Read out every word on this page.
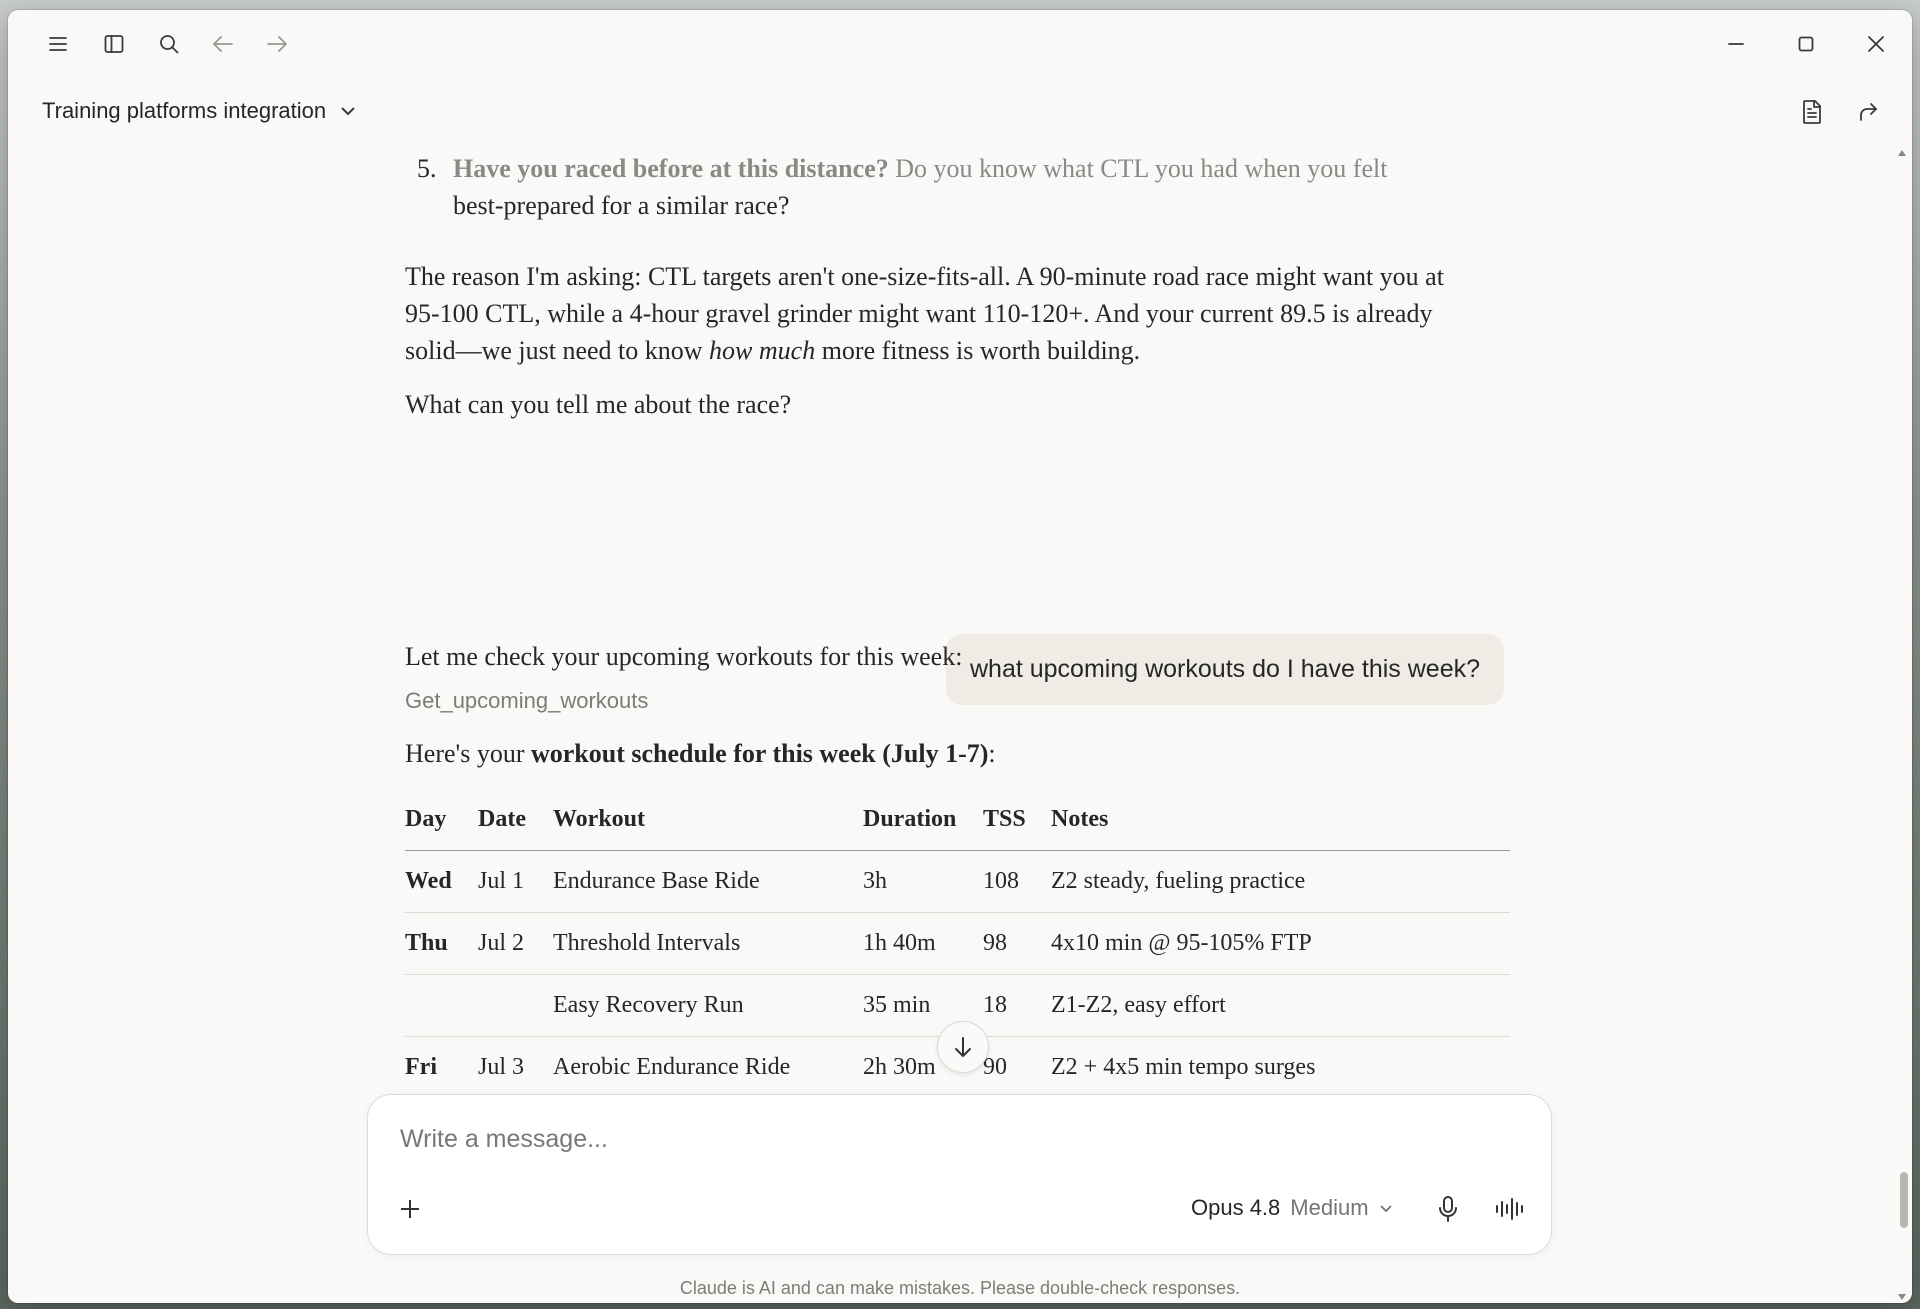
Training platforms integration
5. Have you raced before at this distance? Do you know what CTL you had when you felt
best-prepared for a similar race?
The reason I'm asking: CTL targets aren't one-size-fits-all. A 90-minute road race might want you at 95-100 CTL, while a 4-hour gravel grinder might want 110-120+. And your current 89.5 is already solid—we just need to know how much more fitness is worth building.
What can you tell me about the race?
what upcoming workouts do I have this week?
Let me check your upcoming workouts for this week:
Get_upcoming_workouts
Here's your workout schedule for this week (July 1-7):
Day	Date	Workout	Duration	TSS	Notes
Wed	Jul 1	Endurance Base Ride	3h	108	Z2 steady, fueling practice
Thu	Jul 2	Threshold Intervals	1h 40m	98	4x10 min @ 95-105% FTP
		Easy Recovery Run	35 min	18	Z1-Z2, easy effort
Fri	Jul 3	Aerobic Endurance Ride	2h 30m	90	Z2 + 4x5 min tempo surges
Write a message...
Opus 4.8 Medium
Claude is AI and can make mistakes. Please double-check responses.
